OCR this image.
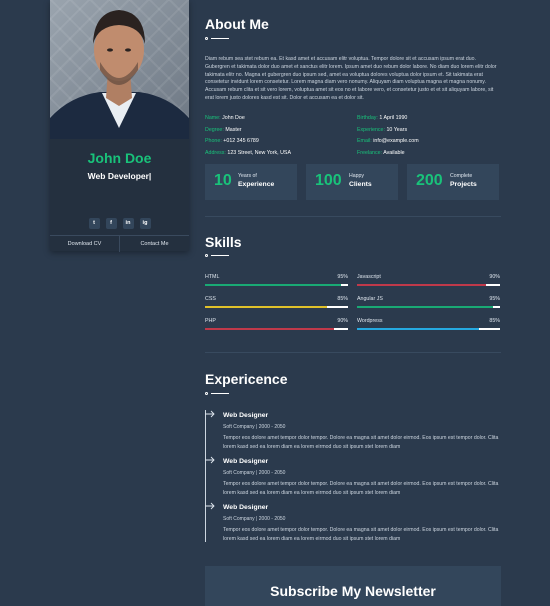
John Doe
Web Developer|
t	f	in	ig
Download CV	Contact Me
About Me
Diam rebum sea stet rebum ea. Et kasd amet et accusam elitr voluptua. Tempor dolore sit et accusam ipsum erat duo. Gubergren et takimata dolor duo amet et sanctus elitr lorem. Ipsum amet duo rebum dolor labore. No diam duo lorem elitr dolor takimata elitr no. Magna et gubergren duo ipsum sed, amet ea voluptua dolores voluptua dolor ipsum et. Sit takimata erat consetetur invidunt lorem consetetur. Lorem magna diam vero nonumy. Aliquyam diam voluptua magna et magna nonumy. Accusam rebum clita et sit vero lorem, voluptua amet sit eos no et labore vero, et consetetur justo et et sit aliquyam labore, sit erat lorem justo dolores kasd est sit. Dolor et accusam ea et dolor sit.
Name: John Doe
Degree: Master
Phone: +012 345 6789
Address: 123 Street, New York, USA
Birthday: 1 April 1990
Experience: 10 Years
Email: info@example.com
Freelance: Available
10 Years of
Experience	100 Happy
Clients	200 Complete
Projects
Skills
HTML	95% Javascript	90%
CSS	85% Angular JS	95%
PHP	90% Wordpress	85%
Expericence
Web Designer
Soft Company | 2000 - 2050
Tempor eos dolore amet tempor dolor tempor. Dolore ea magna sit amet dolor eirmod. Eos ipsum est tempor dolor. Clita lorem kasd sed ea lorem diam ea lorem eirmod duo sit ipsum stet lorem diam
Web Designer
Soft Company | 2000 - 2050
Tempor eos dolore amet tempor dolor tempor. Dolore ea magna sit amet dolor eirmod. Eos ipsum est tempor dolor. Clita lorem kasd sed ea lorem diam ea lorem eirmod duo sit ipsum stet lorem diam
Web Designer
Soft Company | 2000 - 2050
Tempor eos dolore amet tempor dolor tempor. Dolore ea magna sit amet dolor eirmod. Eos ipsum est tempor dolor. Clita lorem kasd sed ea lorem diam ea lorem eirmod duo sit ipsum stet lorem diam
Subscribe My Newsletter
